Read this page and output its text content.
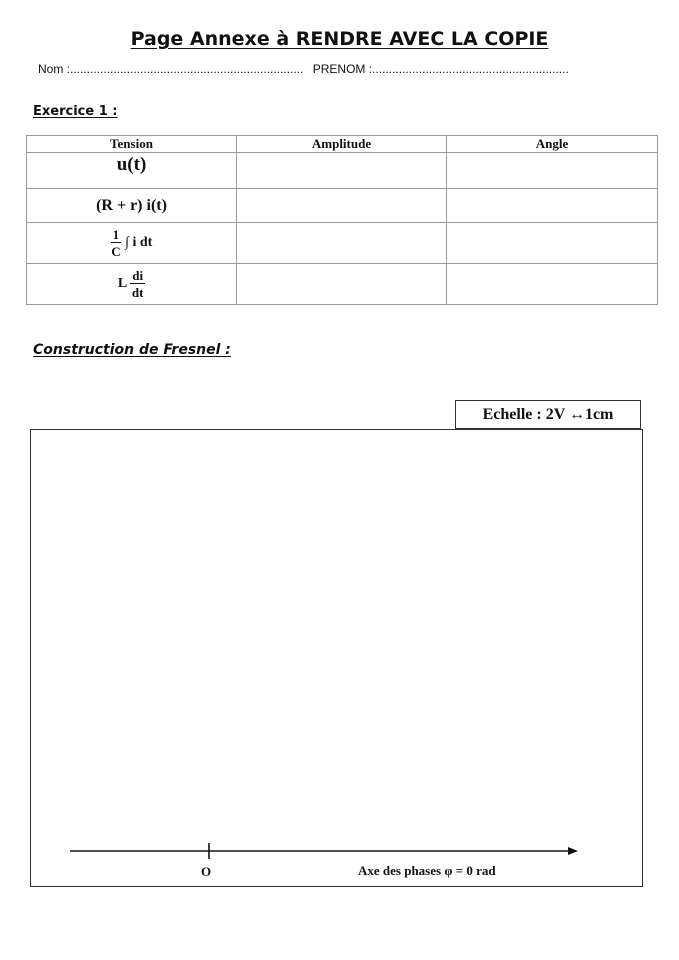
Page Annexe à RENDRE AVEC LA COPIE
Nom :...................................................................... PRENOM :...........................................................
Exercice 1 :
Tension	Amplitude	Angle
u(t)		
(R + r) i(t)		

$\frac{1}{C}$ ∫ i dt		
L $\frac{di}{dt}$

Construction de Fresnel :
Echelle : 2V ↔1cm
O	Axe des phases φ = 0 rad
